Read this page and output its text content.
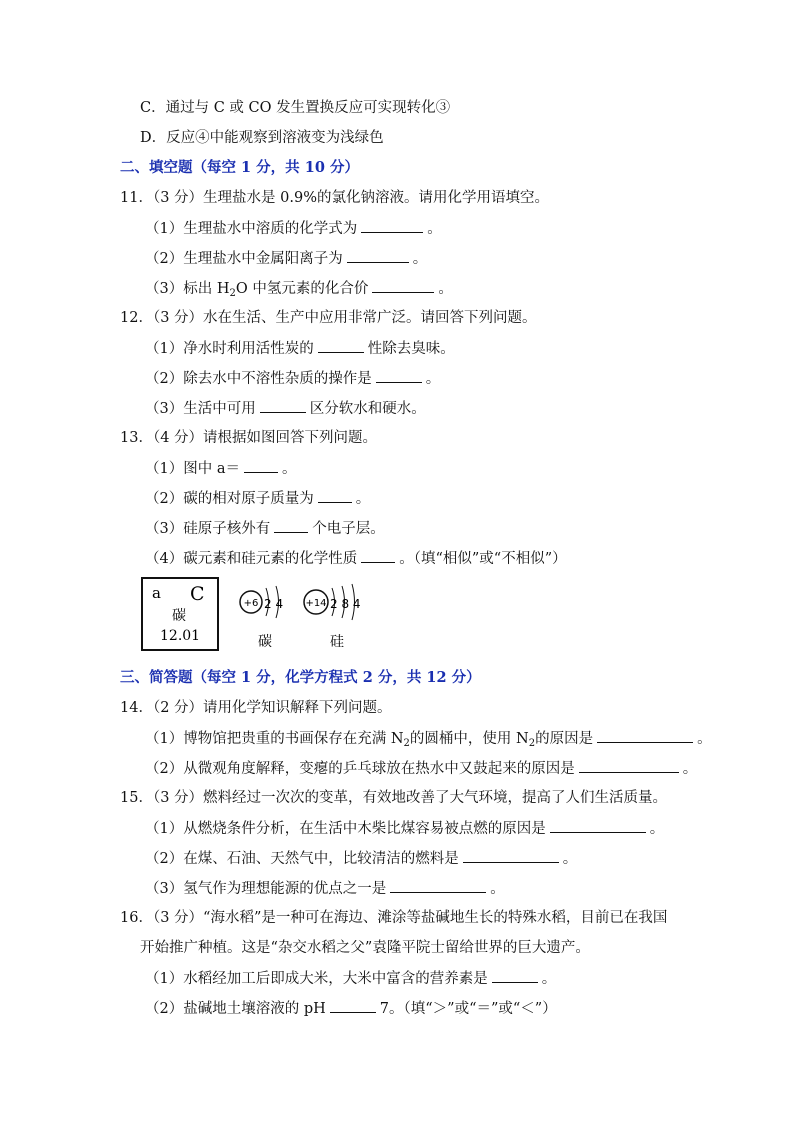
C．通过与 C 或 CO 发生置换反应可实现转化③
D．反应④中能观察到溶液变为浅绿色
二、填空题（每空 1 分，共 10 分）
11．（3 分）生理盐水是 0.9%的氯化钠溶液。请用化学用语填空。
（1）生理盐水中溶质的化学式为	。
（2）生理盐水中金属阳离子为	。
（3）标出 $H_2O$ 中氢元素的化合价	。
12．（3 分）水在生活、生产中应用非常广泛。请回答下列问题。
（1）净水时利用活性炭的	性除去臭味。
（2）除去水中不溶性杂质的操作是	。
（3）生活中可用	区分软水和硬水。
13．（4 分）请根据如图回答下列问题。
（1）图中 a＝	。
（2）碳的相对原子质量为	。
（3）硅原子核外有	个电子层。
（4）碳元素和硅元素的化学性质	。（填“相似”或“不相似”）
a C
碳
12.01
+6 2 4
碳
+14 2 8 4
硅
三、简答题（每空 1 分，化学方程式 2 分，共 12 分）
14．（2 分）请用化学知识解释下列问题。
（1）博物馆把贵重的书画保存在充满 $N_2$的圆桶中，使用 $N_2$的原因是	。
（2）从微观角度解释，变瘪的乒乓球放在热水中又鼓起来的原因是	。
15．（3 分）燃料经过一次次的变革，有效地改善了大气环境，提高了人们生活质量。
（1）从燃烧条件分析，在生活中木柴比煤容易被点燃的原因是	。
（2）在煤、石油、天然气中，比较清洁的燃料是	。
（3）氢气作为理想能源的优点之一是	。
16．（3 分）“海水稻”是一种可在海边、滩涂等盐碱地生长的特殊水稻，目前已在我国
开始推广种植。这是“杂交水稻之父”袁隆平院士留给世界的巨大遗产。
（1）水稻经加工后即成大米，大米中富含的营养素是	。
（2）盐碱地土壤溶液的 pH	7。（填“＞”或“＝”或“＜”）
